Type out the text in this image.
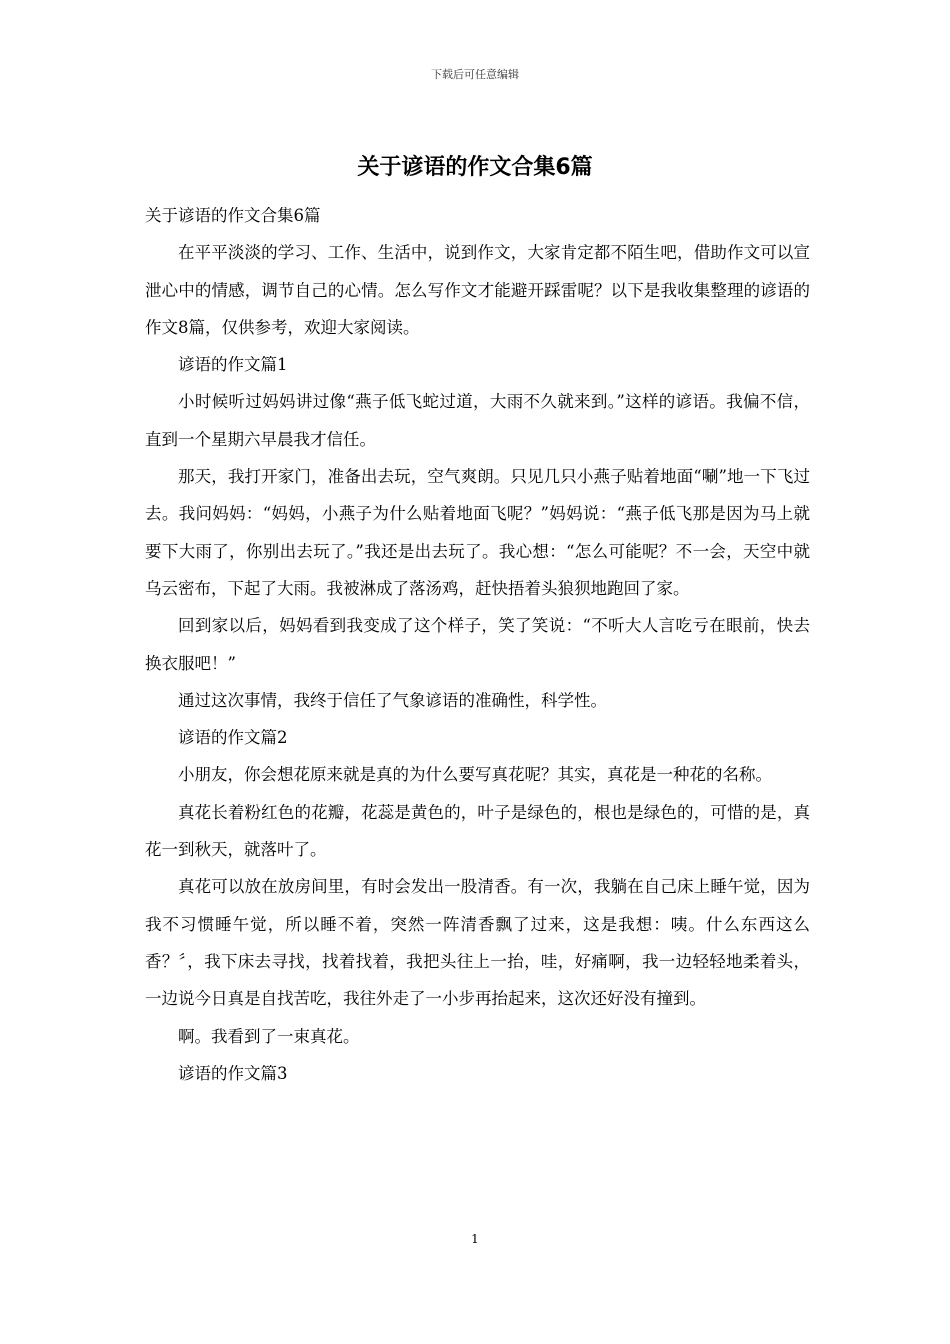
下载后可任意编辑
关于谚语的作文合集6篇

关于谚语的作文合集6篇

在平平淡淡的学习、工作、生活中，说到作文，大家肯定都不陌生吧，借助作文可以宣泄心中的情感，调节自己的心情。怎么写作文才能避开踩雷呢？以下是我收集整理的谚语的作文8篇，仅供参考，欢迎大家阅读。

谚语的作文篇1

小时候听过妈妈讲过像“燕子低飞蛇过道，大雨不久就来到。”这样的谚语。我偏不信，直到一个星期六早晨我才信任。

那天，我打开家门，准备出去玩，空气爽朗。只见几只小燕子贴着地面“唰”地一下飞过去。我问妈妈：“妈妈，小燕子为什么贴着地面飞呢？”妈妈说：“燕子低飞那是因为马上就要下大雨了，你别出去玩了。”我还是出去玩了。我心想：“怎么可能呢？不一会，天空中就乌云密布，下起了大雨。我被淋成了落汤鸡，赶快捂着头狼狈地跑回了家。

回到家以后，妈妈看到我变成了这个样子，笑了笑说：“不听大人言吃亏在眼前，快去换衣服吧！”

通过这次事情，我终于信任了气象谚语的准确性，科学性。

谚语的作文篇2

小朋友，你会想花原来就是真的为什么要写真花呢？其实，真花是一种花的名称。

真花长着粉红色的花瓣，花蕊是黄色的，叶子是绿色的，根也是绿色的，可惜的是，真花一到秋天，就落叶了。

真花可以放在放房间里，有时会发出一股清香。有一次，我躺在自己床上睡午觉，因为我不习惯睡午觉，所以睡不着，突然一阵清香飘了过来，这是我想：咦。什么东西这么香？〞，我下床去寻找，找着找着，我把头往上一抬，哇，好痛啊，我一边轻轻地柔着头，一边说今日真是自找苦吃，我往外走了一小步再抬起来，这次还好没有撞到。

啊。我看到了一束真花。

谚语的作文篇3

1
